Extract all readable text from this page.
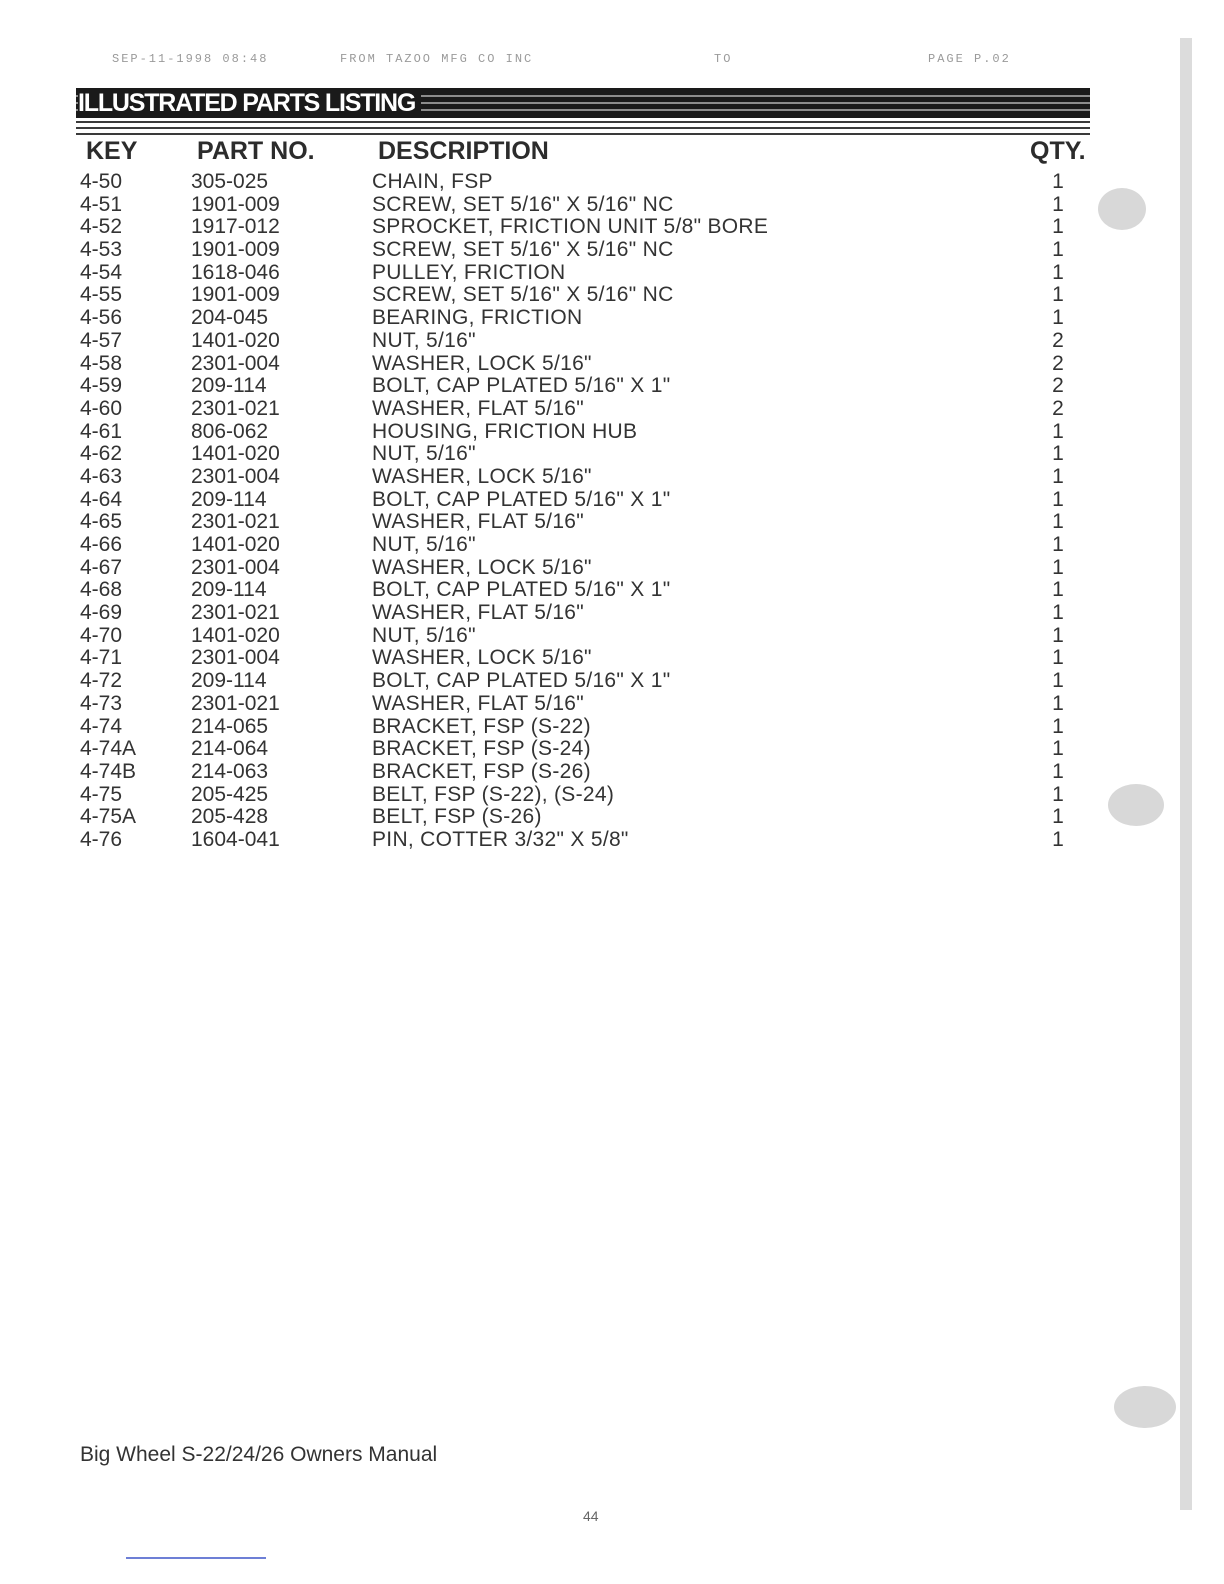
SEP-11-1998 08:48	FROM TAZOO MFG CO INC	TO	PAGE P.02
ILLUSTRATED PARTS LISTING
KEY PART NO.	DESCRIPTION	QTY.
4-50	305-025	CHAIN, FSP	1
4-51	1901-009	SCREW, SET 5/16" X 5/16" NC	1
4-52	1917-012	SPROCKET, FRICTION UNIT 5/8" BORE	1
4-53	1901-009	SCREW, SET 5/16" X 5/16" NC	1
4-54	1618-046	PULLEY, FRICTION	1
4-55	1901-009	SCREW, SET 5/16" X 5/16" NC	1
4-56	204-045	BEARING, FRICTION	1
4-57	1401-020	NUT, 5/16"	2
4-58	2301-004	WASHER, LOCK 5/16"	2
4-59	209-114	BOLT, CAP PLATED 5/16" X 1"	2
4-60	2301-021	WASHER, FLAT 5/16"	2
4-61	806-062	HOUSING, FRICTION HUB	1
4-62	1401-020	NUT, 5/16"	1
4-63	2301-004	WASHER, LOCK 5/16"	1
4-64	209-114	BOLT, CAP PLATED 5/16" X 1"	1
4-65	2301-021	WASHER, FLAT 5/16"	1
4-66	1401-020	NUT, 5/16"	1
4-67	2301-004	WASHER, LOCK 5/16"	1
4-68	209-114	BOLT, CAP PLATED 5/16" X 1"	1
4-69	2301-021	WASHER, FLAT 5/16"	1
4-70	1401-020	NUT, 5/16"	1
4-71	2301-004	WASHER, LOCK 5/16"	1
4-72	209-114	BOLT, CAP PLATED 5/16" X 1"	1
4-73	2301-021	WASHER, FLAT 5/16"	1
4-74	214-065	BRACKET, FSP (S-22)	1
4-74A	214-064	BRACKET, FSP (S-24)	1
4-74B	214-063	BRACKET, FSP (S-26)	1
4-75	205-425	BELT, FSP (S-22), (S-24)	1
4-75A	205-428	BELT, FSP (S-26)	1
4-76	1604-041	PIN, COTTER 3/32" X 5/8"	1
Big Wheel S-22/24/26 Owners Manual
44
